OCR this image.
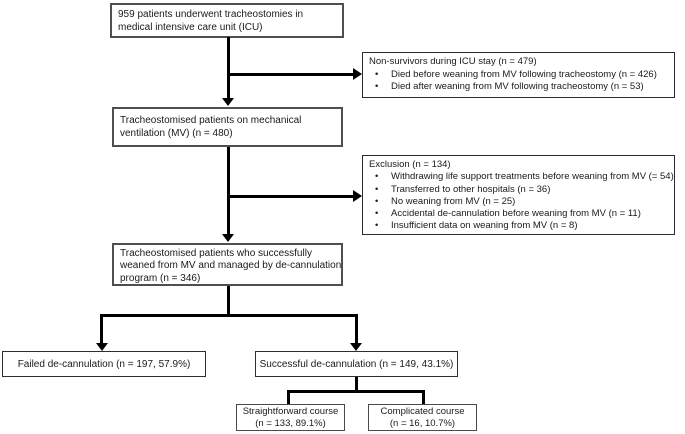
959 patients underwent tracheostomies in
medical intensive care unit (ICU)
Non-survivors during ICU stay (n = 479)
•	Died before weaning from MV following tracheostomy (n = 426)
•	Died after weaning from MV following tracheostomy (n = 53)
Tracheostomised patients on mechanical
ventilation (MV) (n = 480)
Exclusion (n = 134)
•	Withdrawing life support treatments before weaning from MV (= 54)
•	Transferred to other hospitals (n = 36)
•	No weaning from MV (n = 25)
•	Accidental de-cannulation before weaning from MV (n = 11)
•	Insufficient data on weaning from MV (n = 8)
Tracheostomised patients who successfully
weaned from MV and managed by de-cannulation
program (n = 346)
Failed de-cannulation (n = 197, 57.9%)	Successful de-cannulation (n = 149, 43.1%)
Straightforward course
(n = 133, 89.1%)
Complicated course
(n = 16, 10.7%)
